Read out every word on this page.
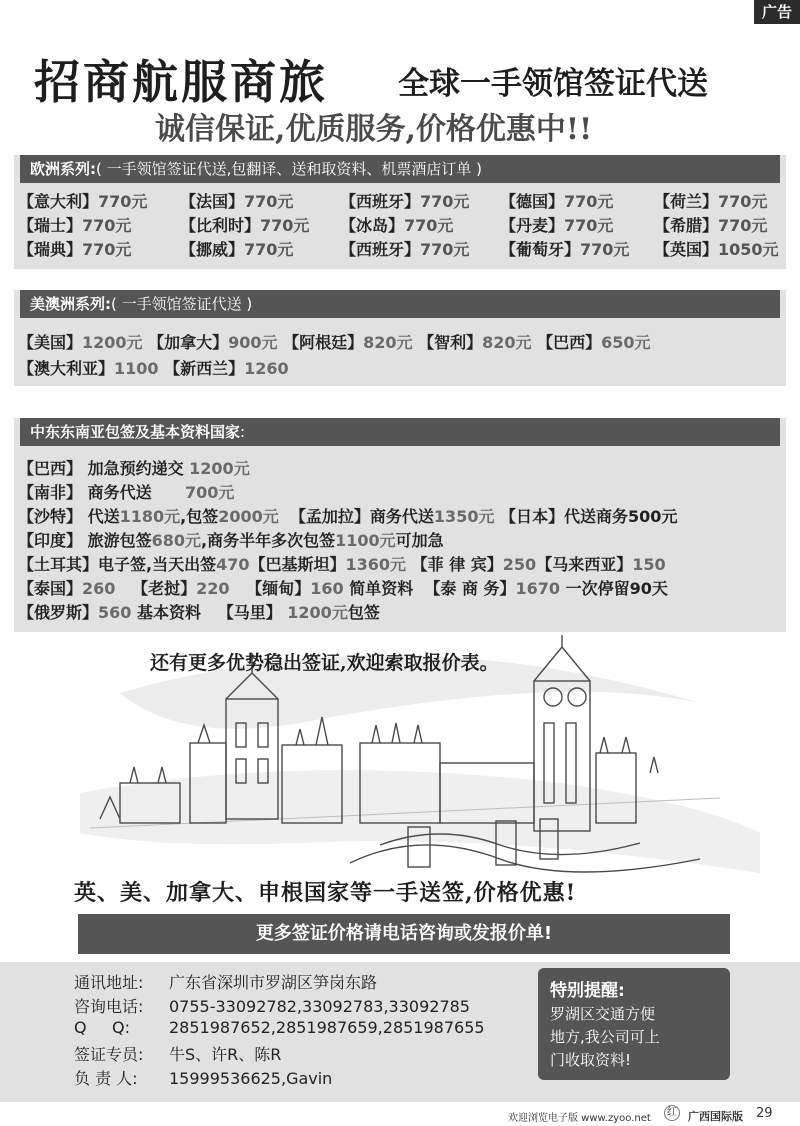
广告
招商航服商旅 全球一手领馆签证代送
诚信保证,优质服务,价格优惠中!!
欧洲系列:( 一手领馆签证代送,包翻译、送和取资料、机票酒店订单 )
【意大利】770元 【法国】770元	【西班牙】770元 【德国】770元	【荷兰】770元
【瑞士】770元	【比利时】770元 【冰岛】770元	【丹麦】770元	【希腊】770元
【瑞典】770元	【挪威】770元	【西班牙】770元 【葡萄牙】770元 【英国】1050元
美澳洲系列:( 一手领馆签证代送 )
【美国】1200元 【加拿大】900元 【阿根廷】820元 【智利】820元 【巴西】650元
【澳大利亚】1100 【新西兰】1260
中东东南亚包签及基本资料国家:
【巴西】 加急预约递交 1200元
【南非】 商务代送      700元
【沙特】 代送1180元,包签2000元  【孟加拉】商务代送1350元 【日本】代送商务500元
【印度】 旅游包签680元,商务半年多次包签1100元可加急
【土耳其】电子签,当天出签470【巴基斯坦】1360元 【菲 律 宾】250【马来西亚】150
【泰国】260   【老挝】220   【缅甸】160 简单资料  【泰 商 务】1670 一次停留90天
【俄罗斯】560 基本资料   【马里】 1200元包签
还有更多优势稳出签证,欢迎索取报价表。
英、美、加拿大、申根国家等一手送签,价格优惠!
更多签证价格请电话咨询或发报价单!
通讯地址: 广东省深圳市罗湖区笋岗东路
咨询电话: 0755-33092782,33092783,33092785
Q     Q: 2851987652,2851987659,2851987655
签证专员: 牛S、许R、陈R
负 责 人: 15999536625,Gavin
特别提醒:
罗湖区交通方便
地方,我公司可上
门收取资料!
欢迎浏览电子版 www.zyoo.net
红 广西国际版 29
